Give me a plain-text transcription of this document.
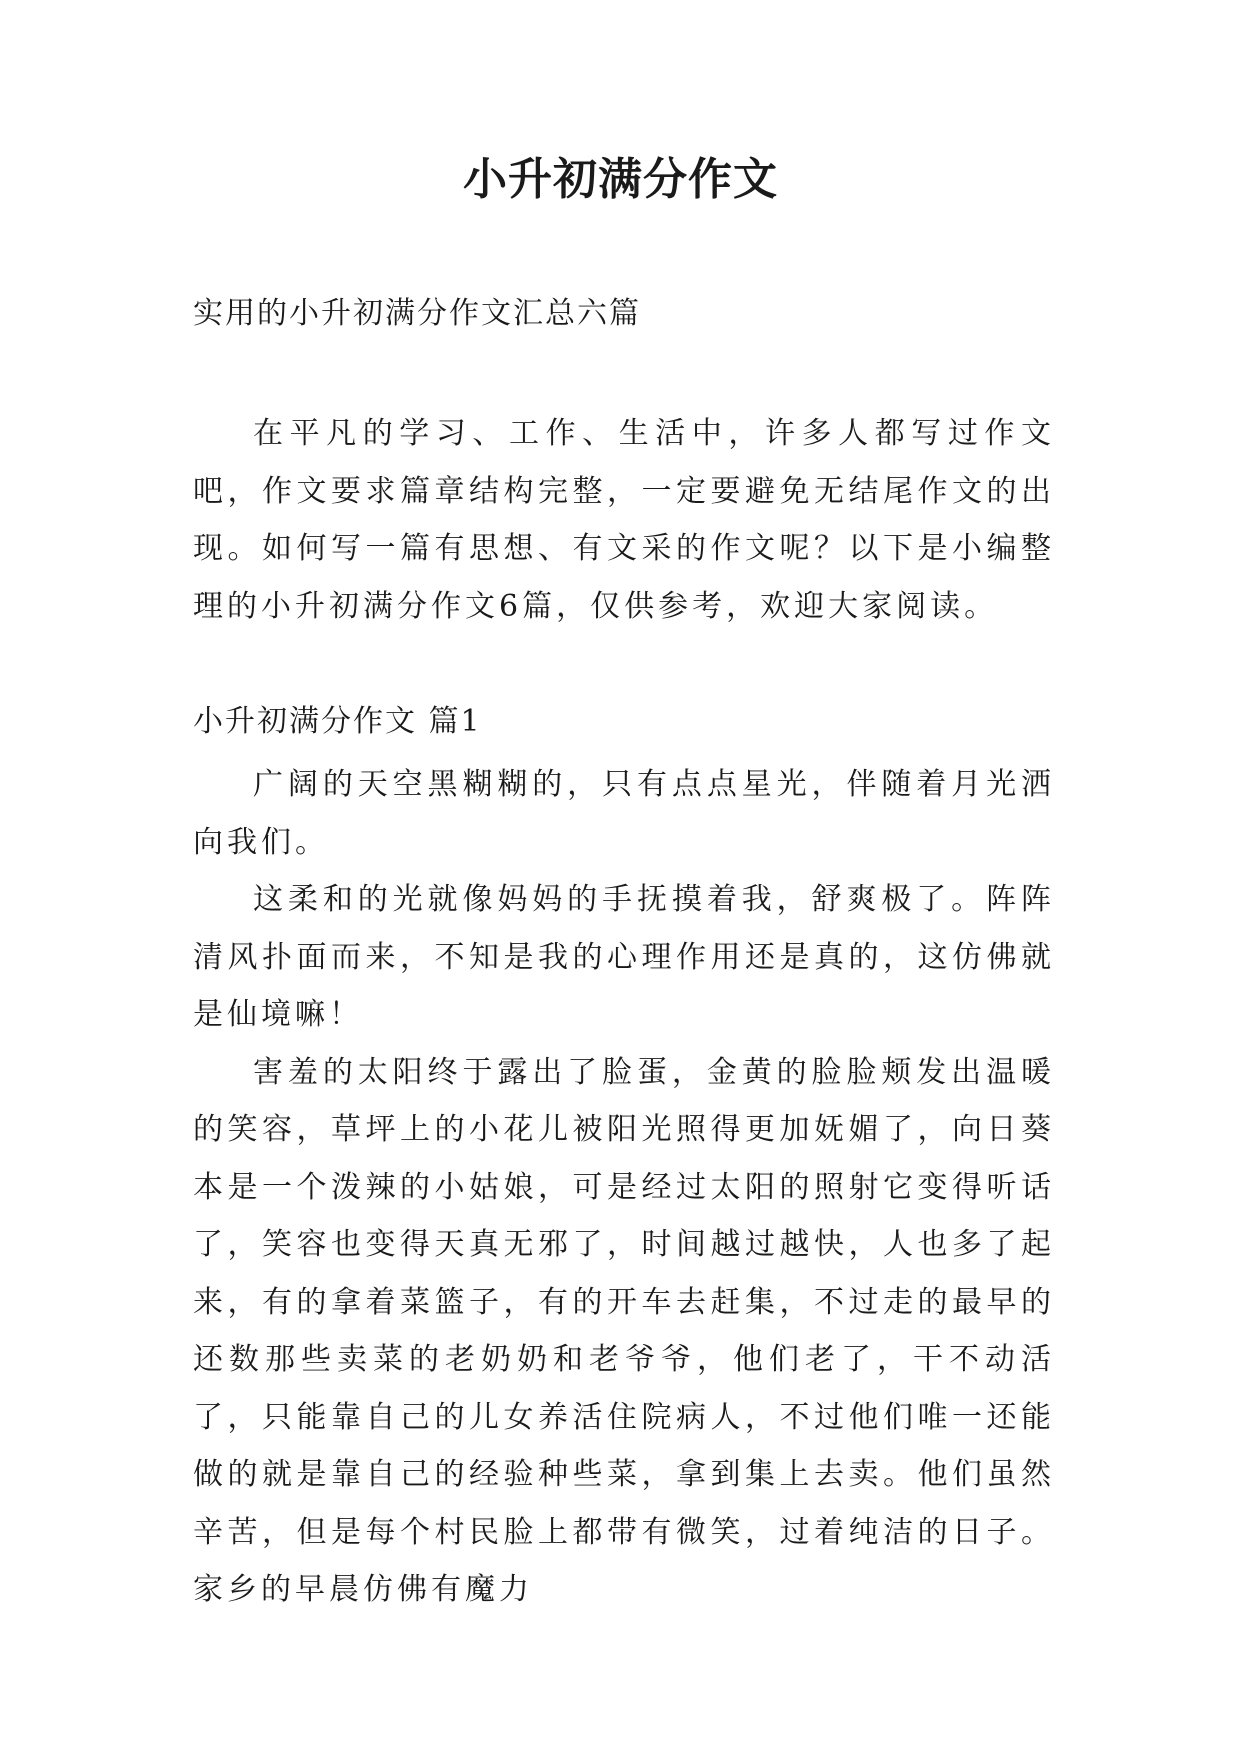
小升初满分作文
实用的小升初满分作文汇总六篇

在平凡的学习、工作、生活中，许多人都写过作文吧，作文要求篇章结构完整，一定要避免无结尾作文的出现。如何写一篇有思想、有文采的作文呢？以下是小编整理的小升初满分作文6篇，仅供参考，欢迎大家阅读。

小升初满分作文 篇1

广阔的天空黑糊糊的，只有点点星光，伴随着月光洒向我们。

这柔和的光就像妈妈的手抚摸着我，舒爽极了。阵阵清风扑面而来，不知是我的心理作用还是真的，这仿佛就是仙境嘛！

害羞的太阳终于露出了脸蛋，金黄的脸脸颊发出温暖的笑容，草坪上的小花儿被阳光照得更加妩媚了，向日葵本是一个泼辣的小姑娘，可是经过太阳的照射它变得听话了，笑容也变得天真无邪了，时间越过越快，人也多了起来，有的拿着菜篮子，有的开车去赶集，不过走的最早的还数那些卖菜的老奶奶和老爷爷，他们老了，干不动活了，只能靠自己的儿女养活住院病人，不过他们唯一还能做的就是靠自己的经验种些菜，拿到集上去卖。他们虽然辛苦，但是每个村民脸上都带有微笑，过着纯洁的日子。家乡的早晨仿佛有魔力
